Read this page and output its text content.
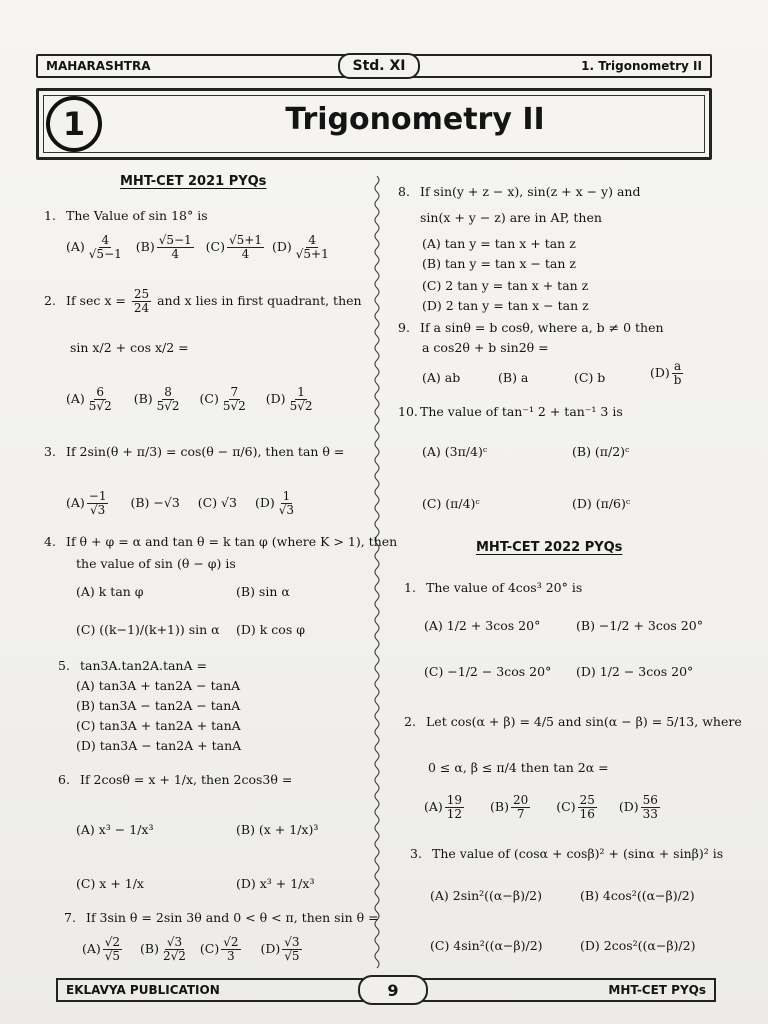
MAHARASHTRA	Std. XI	1. Trigonometry II
1	Trigonometry II
MHT-CET 2021 PYQs
1. The Value of sin 18° is
$(A) \frac{4}{√5-1} (B) \frac{√5-1}{4} (C) \frac{√5+1}{4} (D) \frac{4}{√5+1}$
2. If $\sec x = \frac{25}{24}$ and x lies in first quadrant, then
sin x/2 + cos x/2 =
$(A) \frac{6}{5√2} (B) \frac{8}{5√2} (C) \frac{7}{5√2} (D) \frac{1}{5√2}$
3. If 2sin(θ + π/3) = cos(θ − π/6), then tan θ =
$(A) \frac{-1}{√3} (B) -√3$ (C) √3 $(D) \frac{1}{√3}$
4. If θ + φ = α and tan θ = k tan φ (where K > 1), then
the value of sin (θ − φ) is
(A) k tan φ	(B) sin α
(C) ((k−1)/(k+1)) sin α (D) k cos φ
5. tan3A.tan2A.tanA =
(A) tan3A + tan2A − tanA
(B) tan3A − tan2A − tanA
(C) tan3A + tan2A + tanA
(D) tan3A − tan2A + tanA
6. If 2cosθ = x + 1/x, then 2cos3θ =
(A) x³ − 1/x³	(B) (x + 1/x)³
(C) x + 1/x	(D) x³ + 1/x³
7. If 3sin θ = 2sin 3θ and 0 < θ < π, then sin θ =
$(A) \frac{√2}{√5} (B) \frac{√3}{2√2} (C) \frac{√2}{3} (D) \frac{√3}{√5}$
8. If sin(y + z − x), sin(z + x − y) and
sin(x + y − z) are in AP, then
(A) tan y = tan x + tan z
(B) tan y = tan x − tan z
(C) 2 tan y = tan x + tan z
(D) 2 tan y = tan x − tan z
9. If a sinθ = b cosθ, where a, b ≠ 0 then
a cos2θ + b sin2θ =
(A) ab	(B) a	(C) b	$(D) \frac{a}{b}$
10. The value of tan⁻¹ 2 + tan⁻¹ 3 is
(A) (3π/4)ᶜ	(B) (π/2)ᶜ
(C) (π/4)ᶜ	(D) (π/6)ᶜ
MHT-CET 2022 PYQs
1. The value of 4cos³ 20° is
(A) 1/2 + 3cos 20°	(B) −1/2 + 3cos 20°
(C) −1/2 − 3cos 20° (D) 1/2 − 3cos 20°
2. Let cos(α + β) = 4/5 and sin(α − β) = 5/13, where
0 ≤ α, β ≤ π/4 then tan 2α =
$(A) \frac{19}{12} (B) \frac{20}{7} (C) \frac{25}{16} (D) \frac{56}{33}$
3. The value of (cosα + cosβ)² + (sinα + sinβ)² is
(A) 2sin²((α−β)/2)	(B) 4cos²((α−β)/2)
(C) 4sin²((α−β)/2)	(D) 2cos²((α−β)/2)
EKLAVYA PUBLICATION	9	MHT-CET PYQs
